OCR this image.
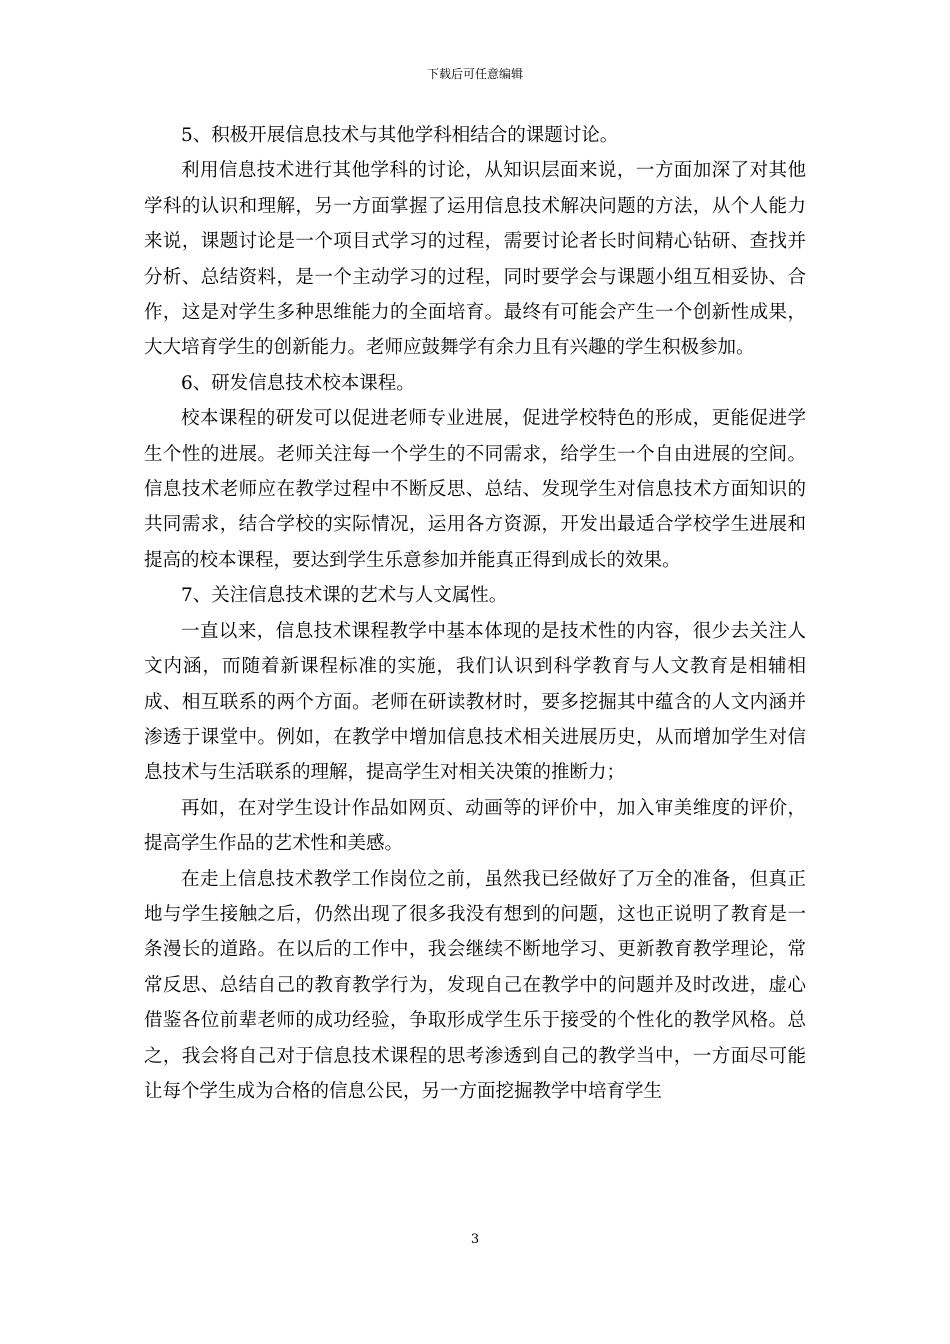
下载后可任意编辑

5、积极开展信息技术与其他学科相结合的课题讨论。

利用信息技术进行其他学科的讨论，从知识层面来说，一方面加深了对其他学科的认识和理解，另一方面掌握了运用信息技术解决问题的方法，从个人能力来说，课题讨论是一个项目式学习的过程，需要讨论者长时间精心钻研、查找并分析、总结资料，是一个主动学习的过程，同时要学会与课题小组互相妥协、合作，这是对学生多种思维能力的全面培育。最终有可能会产生一个创新性成果，大大培育学生的创新能力。老师应鼓舞学有余力且有兴趣的学生积极参加。

6、研发信息技术校本课程。

校本课程的研发可以促进老师专业进展，促进学校特色的形成，更能促进学生个性的进展。老师关注每一个学生的不同需求，给学生一个自由进展的空间。信息技术老师应在教学过程中不断反思、总结、发现学生对信息技术方面知识的共同需求，结合学校的实际情况，运用各方资源，开发出最适合学校学生进展和提高的校本课程，要达到学生乐意参加并能真正得到成长的效果。

7、关注信息技术课的艺术与人文属性。

一直以来，信息技术课程教学中基本体现的是技术性的内容，很少去关注人文内涵，而随着新课程标准的实施，我们认识到科学教育与人文教育是相辅相成、相互联系的两个方面。老师在研读教材时，要多挖掘其中蕴含的人文内涵并渗透于课堂中。例如，在教学中增加信息技术相关进展历史，从而增加学生对信息技术与生活联系的理解，提高学生对相关决策的推断力；

再如，在对学生设计作品如网页、动画等的评价中，加入审美维度的评价，提高学生作品的艺术性和美感。

在走上信息技术教学工作岗位之前，虽然我已经做好了万全的准备，但真正地与学生接触之后，仍然出现了很多我没有想到的问题，这也正说明了教育是一条漫长的道路。在以后的工作中，我会继续不断地学习、更新教育教学理论，常常反思、总结自己的教育教学行为，发现自己在教学中的问题并及时改进，虚心借鉴各位前辈老师的成功经验，争取形成学生乐于接受的个性化的教学风格。总之，我会将自己对于信息技术课程的思考渗透到自己的教学当中，一方面尽可能让每个学生成为合格的信息公民，另一方面挖掘教学中培育学生

3
